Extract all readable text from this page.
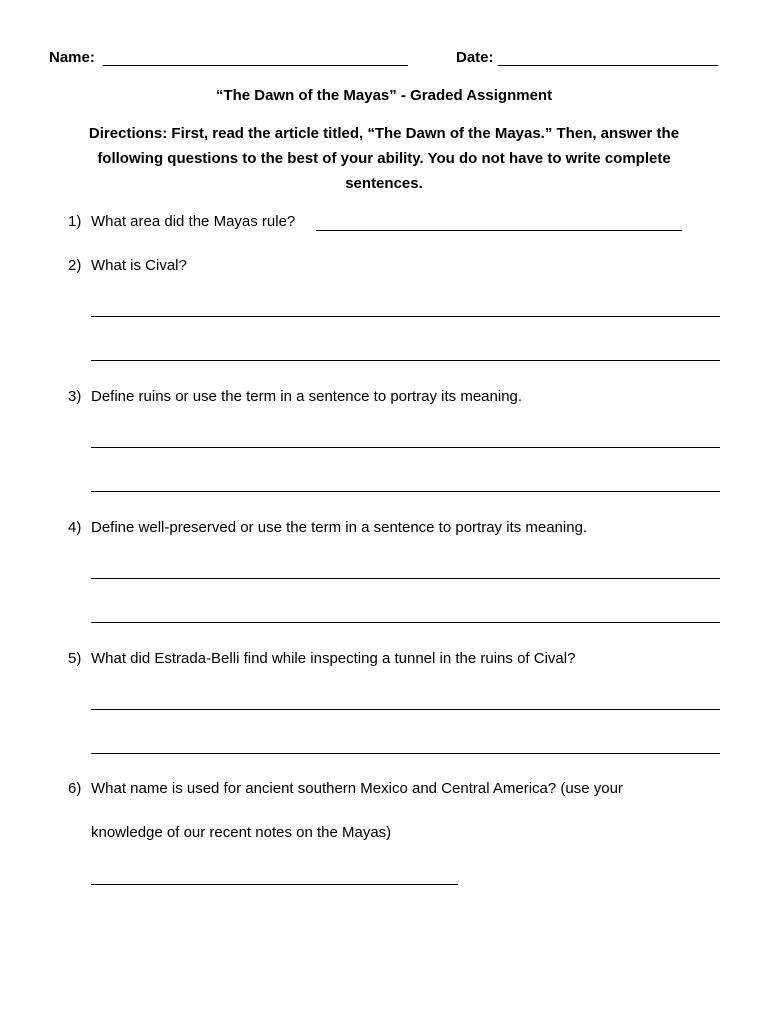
Name:	Date:
“The Dawn of the Mayas” - Graded Assignment
Directions: First, read the article titled, “The Dawn of the Mayas.” Then, answer the
following questions to the best of your ability. You do not have to write complete
sentences.
1) What area did the Mayas rule?
2) What is Cival?
3) Define ruins or use the term in a sentence to portray its meaning.
4) Define well-preserved or use the term in a sentence to portray its meaning.
5) What did Estrada-Belli find while inspecting a tunnel in the ruins of Cival?
6) What name is used for ancient southern Mexico and Central America? (use your
knowledge of our recent notes on the Mayas)
